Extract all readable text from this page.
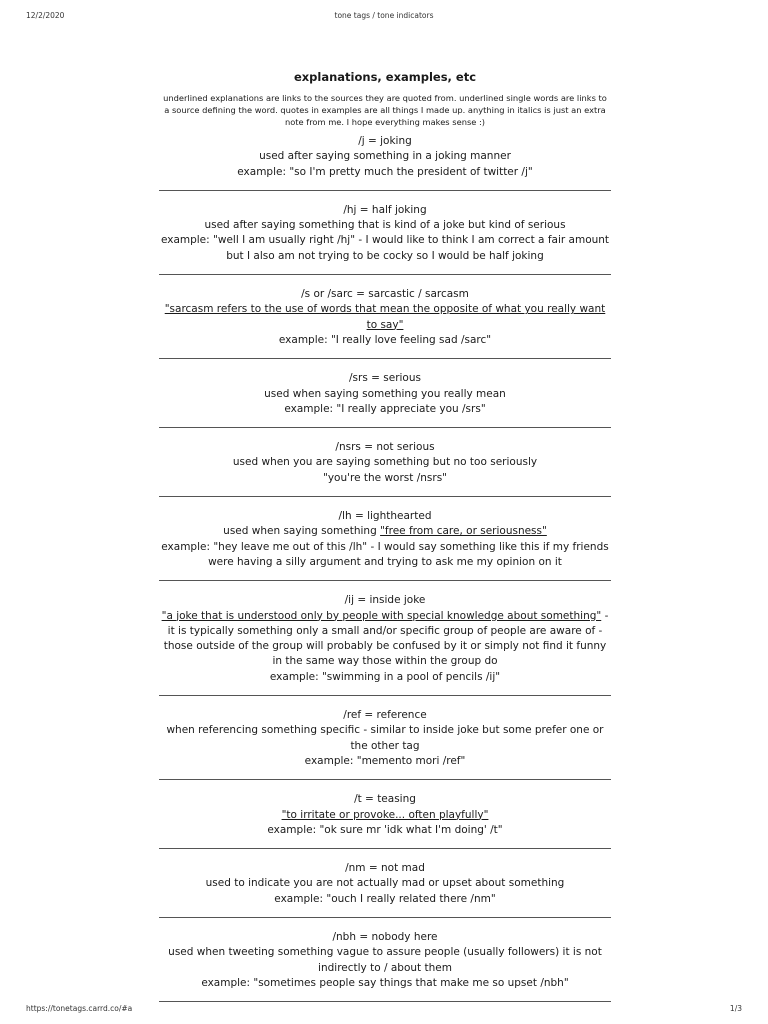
12/2/2020	tone tags / tone indicators
explanations, examples, etc

underlined explanations are links to the sources they are quoted from. underlined single words are links to a source defining the word. quotes in examples are all things I made up. anything in italics is just an extra note from me. I hope everything makes sense :)

/j = joking
used after saying something in a joking manner
example: "so I'm pretty much the president of twitter /j"
/hj = half joking
used after saying something that is kind of a joke but kind of serious
example: "well I am usually right /hj" - I would like to think I am correct a fair amount but I also am not trying to be cocky so I would be half joking
/s or /sarc = sarcastic / sarcasm
"sarcasm refers to the use of words that mean the opposite of what you really want to say"
example: "I really love feeling sad /sarc"
/srs = serious
used when saying something you really mean
example: "I really appreciate you /srs"
/nsrs = not serious
used when you are saying something but no too seriously
"you're the worst /nsrs"
/lh = lighthearted
used when saying something "free from care, or seriousness"
example: "hey leave me out of this /lh" - I would say something like this if my friends were having a silly argument and trying to ask me my opinion on it
/ij = inside joke
"a joke that is understood only by people with special knowledge about something" - it is typically something only a small and/or specific group of people are aware of - those outside of the group will probably be confused by it or simply not find it funny in the same way those within the group do
example: "swimming in a pool of pencils /ij"
/ref = reference
when referencing something specific - similar to inside joke but some prefer one or the other tag
example: "memento mori /ref"
/t = teasing
"to irritate or provoke... often playfully"
example: "ok sure mr 'idk what I'm doing' /t"
/nm = not mad
used to indicate you are not actually mad or upset about something
example: "ouch I really related there /nm"
/nbh = nobody here
used when tweeting something vague to assure people (usually followers) it is not indirectly to / about them
example: "sometimes people say things that make me so upset /nbh"
https://tonetags.carrd.co/#a	1/3
